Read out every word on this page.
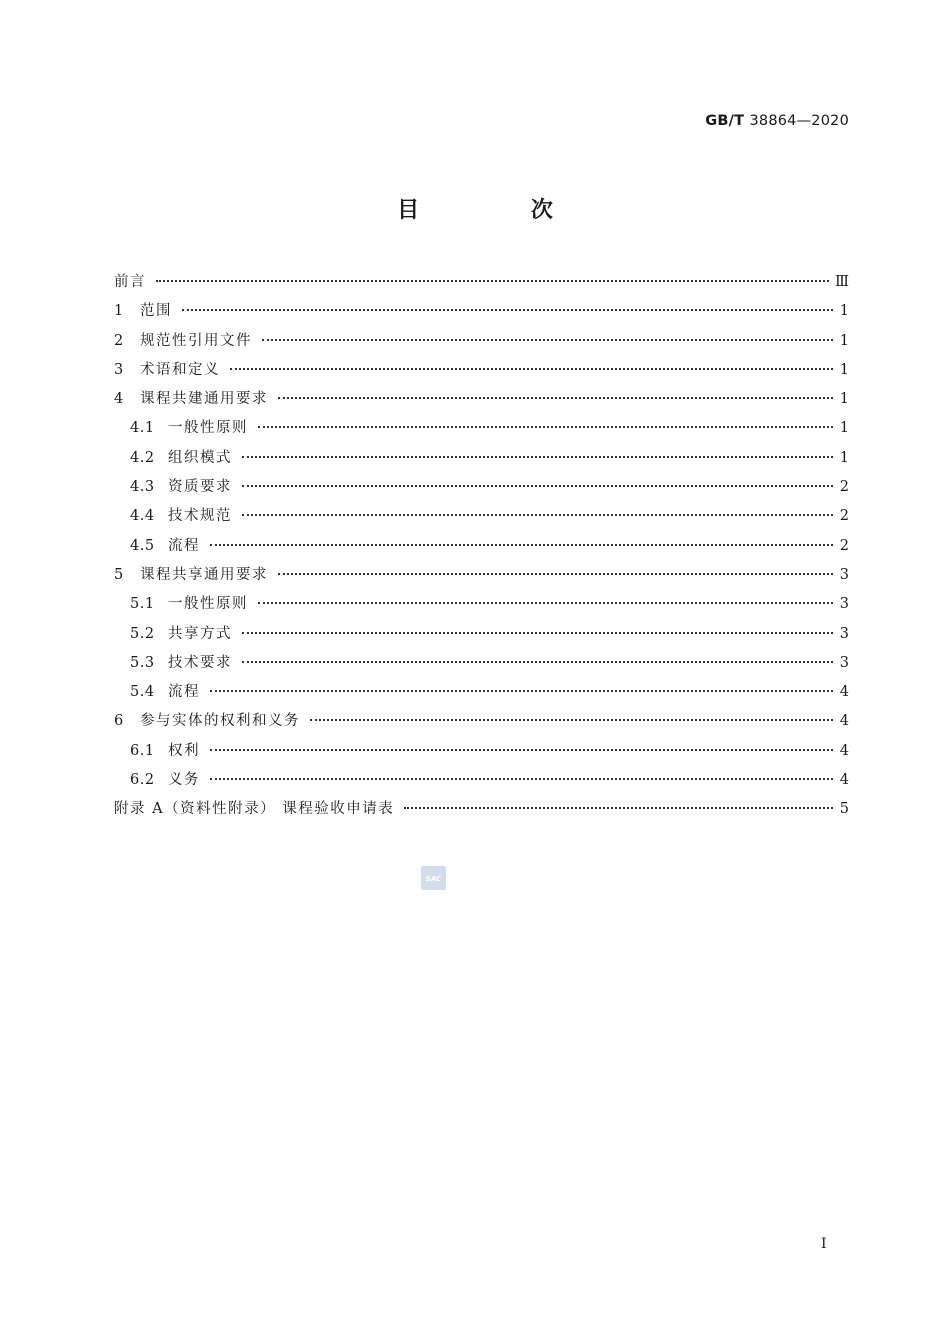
GB/T 38864—2020
目 次
前言	Ⅲ
1	范围	1
2	规范性引用文件	1
3	术语和定义	1
4	课程共建通用要求	1
4.1 一般性原则	1
4.2 组织模式	1
4.3 资质要求	2
4.4 技术规范	2
4.5 流程	2
5	课程共享通用要求	3
5.1 一般性原则	3
5.2 共享方式	3
5.3 技术要求	3
5.4 流程	4
6	参与实体的权利和义务	4
6.1 权利	4
6.2 义务	4
附录 A（资料性附录） 课程验收申请表	5
SAC
Ⅰ
